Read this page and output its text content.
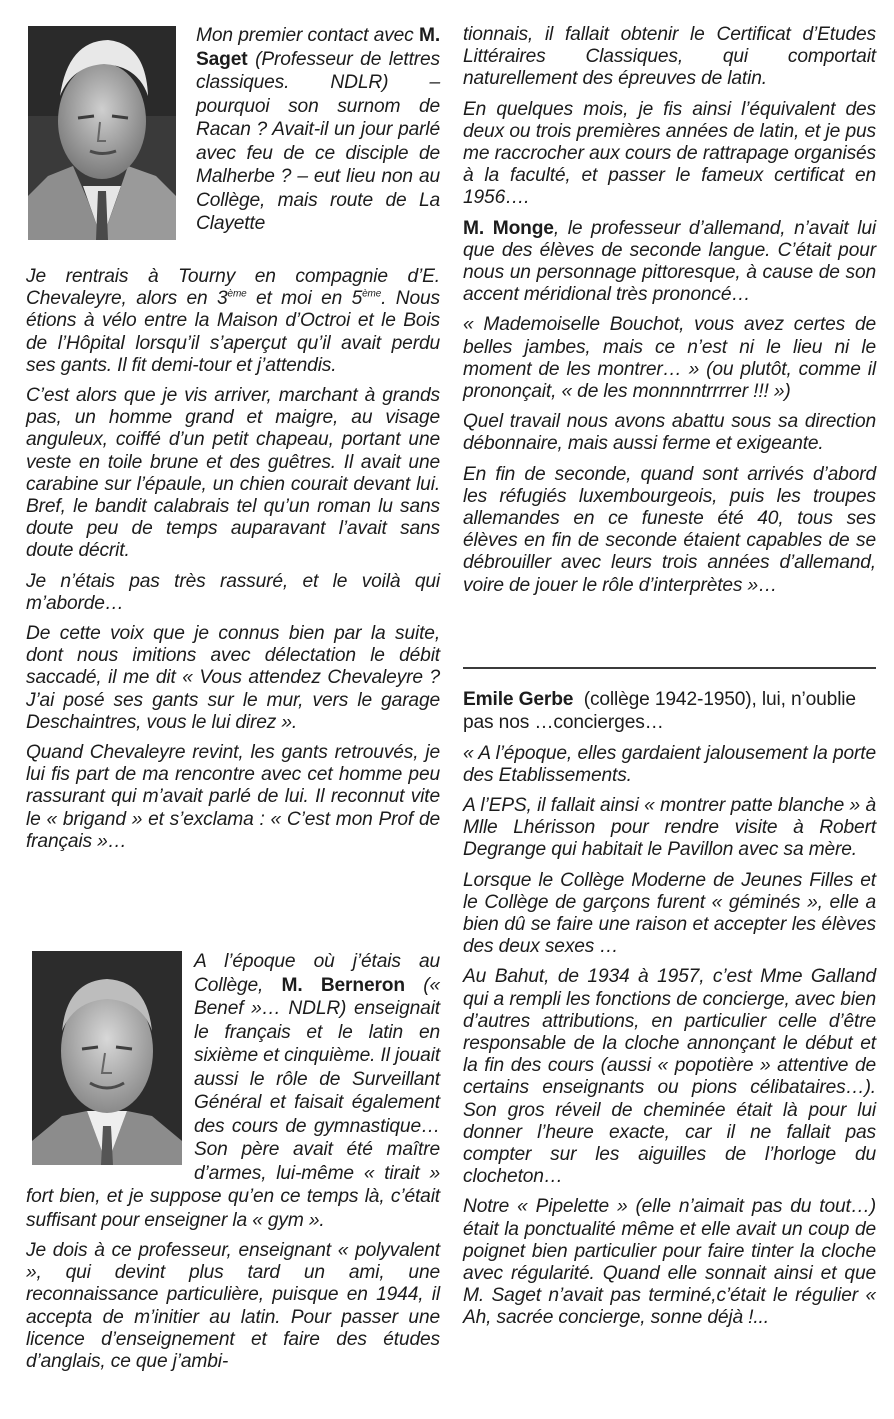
Mon premier contact avec M. Saget (Professeur de lettres classiques. NDLR) – pourquoi son surnom de Racan ? Avait-il un jour parlé avec feu de ce disciple de Malherbe ? – eut lieu non au Collège, mais route de La Clayette

Je rentrais à Tourny en compagnie d’E. Chevaleyre, alors en 3ème et moi en 5ème. Nous étions à vélo entre la Maison d’Octroi et le Bois de l’Hôpital lorsqu’il s’aperçut qu’il avait perdu ses gants. Il fit demi-tour et j’attendis.

C’est alors que je vis arriver, marchant à grands pas, un homme grand et maigre, au visage anguleux, coiffé d’un petit chapeau, portant une veste en toile brune et des guêtres. Il avait une carabine sur l’épaule, un chien courait devant lui. Bref, le bandit calabrais tel qu’un roman lu sans doute peu de temps auparavant l’avait sans doute décrit.

Je n’étais pas très rassuré, et le voilà qui m’aborde…

De cette voix que je connus bien par la suite, dont nous imitions avec délectation le débit saccadé, il me dit « Vous attendez Chevaleyre ? J’ai posé ses gants sur le mur, vers le garage Deschaintres, vous le lui direz ».

Quand Chevaleyre revint, les gants retrouvés, je lui fis part de ma rencontre avec cet homme peu rassurant qui m’avait parlé de lui. Il reconnut vite le « brigand » et s’exclama : « C’est mon Prof de français »…

A l’époque où j’étais au Collège, M. Berneron (« Benef »… NDLR) enseignait le français et le latin en sixième et cinquième. Il jouait aussi le rôle de Surveillant Général et faisait également des cours de gymnastique… Son père avait été maître d’armes, lui-même « tirait » fort bien, et je suppose qu’en ce temps là, c’était suffisant pour enseigner la « gym ».

Je dois à ce professeur, enseignant « polyvalent », qui devint plus tard un ami, une reconnaissance particulière, puisque en 1944, il accepta de m’initier au latin. Pour passer une licence d’enseignement et faire des études d’anglais, ce que j’ambi-

tionnais, il fallait obtenir le Certificat d’Etudes Littéraires Classiques, qui comportait naturellement des épreuves de latin.

En quelques mois, je fis ainsi l’équivalent des deux ou trois premières années de latin, et je pus me raccrocher aux cours de rattrapage organisés à la faculté, et passer le fameux certificat en 1956….

M. Monge, le professeur d’allemand, n’avait lui que des élèves de seconde langue. C’était pour nous un personnage pittoresque, à cause de son accent méridional très prononcé…

« Mademoiselle Bouchot, vous avez certes de belles jambes, mais ce n’est ni le lieu ni le moment de les montrer… » (ou plutôt, comme il prononçait, « de les monnnntrrrrer !!! »)

Quel travail nous avons abattu sous sa direction débonnaire, mais aussi ferme et exigeante.

En fin de seconde, quand sont arrivés d’abord les réfugiés luxembourgeois, puis les troupes allemandes en ce funeste été 40, tous ses élèves en fin de seconde étaient capables de se débrouiller avec leurs trois années d’allemand, voire de jouer le rôle d’interprètes »…

Emile Gerbe (collège 1942-1950), lui, n’oublie pas nos …concierges…

« A l’époque, elles gardaient jalousement la porte des Etablissements.

A l’EPS, il fallait ainsi « montrer patte blanche » à Mlle Lhérisson pour rendre visite à Robert Degrange qui habitait le Pavillon avec sa mère.

Lorsque le Collège Moderne de Jeunes Filles et le Collège de garçons furent « géminés », elle a bien dû se faire une raison et accepter les élèves des deux sexes …

Au Bahut, de 1934 à 1957, c’est Mme Galland qui a rempli les fonctions de concierge, avec bien d’autres attributions, en particulier celle d’être responsable de la cloche annonçant le début et la fin des cours (aussi « popotière » attentive de certains enseignants ou pions célibataires…). Son gros réveil de cheminée était là pour lui donner l’heure exacte, car il ne fallait pas compter sur les aiguilles de l’horloge du clocheton…

Notre « Pipelette » (elle n’aimait pas du tout…) était la ponctualité même et elle avait un coup de poignet bien particulier pour faire tinter la cloche avec régularité. Quand elle sonnait ainsi et que M. Saget n’avait pas terminé,c’était le régulier « Ah, sacrée concierge, sonne déjà !...
